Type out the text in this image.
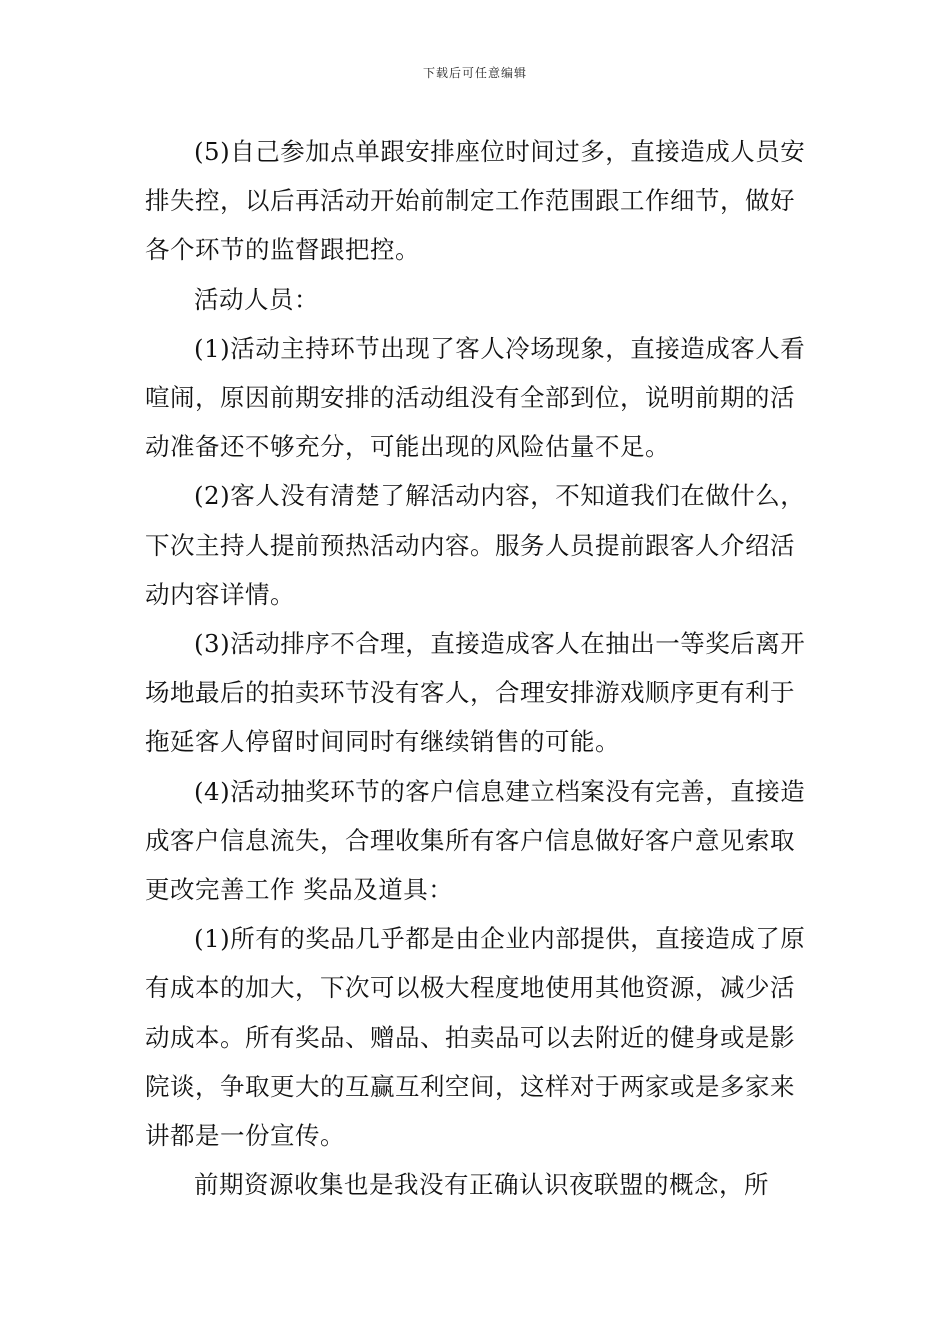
下载后可任意编辑

(5)自己参加点单跟安排座位时间过多，直接造成人员安排失控，以后再活动开始前制定工作范围跟工作细节，做好各个环节的监督跟把控。

活动人员：

(1)活动主持环节出现了客人冷场现象，直接造成客人看喧闹，原因前期安排的活动组没有全部到位，说明前期的活动准备还不够充分，可能出现的风险估量不足。

(2)客人没有清楚了解活动内容，不知道我们在做什么，下次主持人提前预热活动内容。服务人员提前跟客人介绍活动内容详情。

(3)活动排序不合理，直接造成客人在抽出一等奖后离开场地最后的拍卖环节没有客人，合理安排游戏顺序更有利于拖延客人停留时间同时有继续销售的可能。

(4)活动抽奖环节的客户信息建立档案没有完善，直接造成客户信息流失，合理收集所有客户信息做好客户意见索取更改完善工作 奖品及道具：

(1)所有的奖品几乎都是由企业内部提供，直接造成了原有成本的加大，下次可以极大程度地使用其他资源，减少活动成本。所有奖品、赠品、拍卖品可以去附近的健身或是影院谈，争取更大的互赢互利空间，这样对于两家或是多家来讲都是一份宣传。

前期资源收集也是我没有正确认识夜联盟的概念，所
